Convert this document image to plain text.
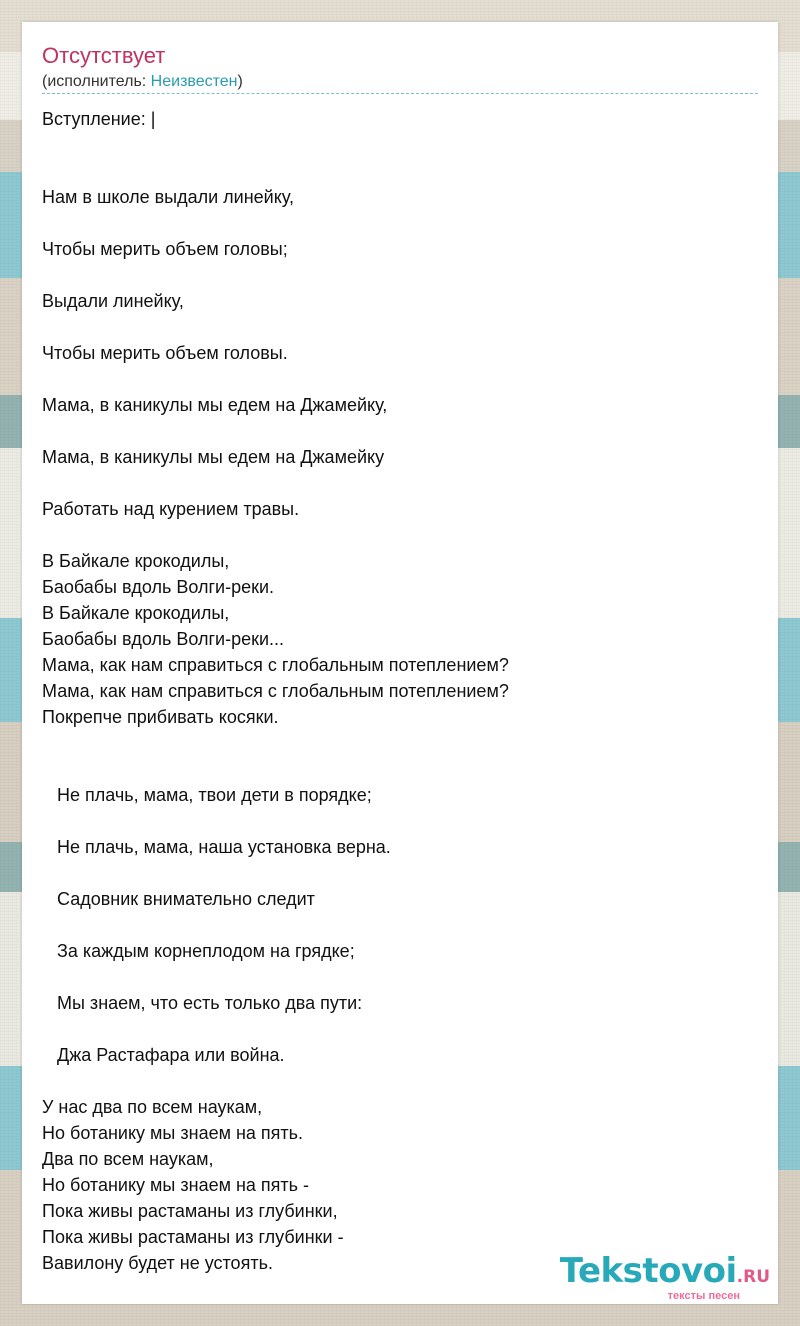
Отсутствует
(исполнитель: Неизвестен)
Вступление: |
Нам в школе выдали линейку,
Чтобы мерить объем головы;
Выдали линейку,
Чтобы мерить объем головы.
Мама, в каникулы мы едем на Джамейку,
Мама, в каникулы мы едем на Джамейку
Работать над курением травы.
В Байкале крокодилы,
Баобабы вдоль Волги-реки.
В Байкале крокодилы,
Баобабы вдоль Волги-реки...
Мама, как нам справиться с глобальным потеплением?
Мама, как нам справиться с глобальным потеплением?
Покрепче прибивать косяки.
Не плачь, мама, твои дети в порядке;
Не плачь, мама, наша установка верна.
Садовник внимательно следит
За каждым корнеплодом на грядке;
Мы знаем, что есть только два пути:
Джа Растафара или война.
У нас два по всем наукам,
Но ботанику мы знаем на пять.
Два по всем наукам,
Но ботанику мы знаем на пять -
Пока живы растаманы из глубинки,
Пока живы растаманы из глубинки -
Вавилону будет не устоять.	Tekstovoi.RU
тексты песен
